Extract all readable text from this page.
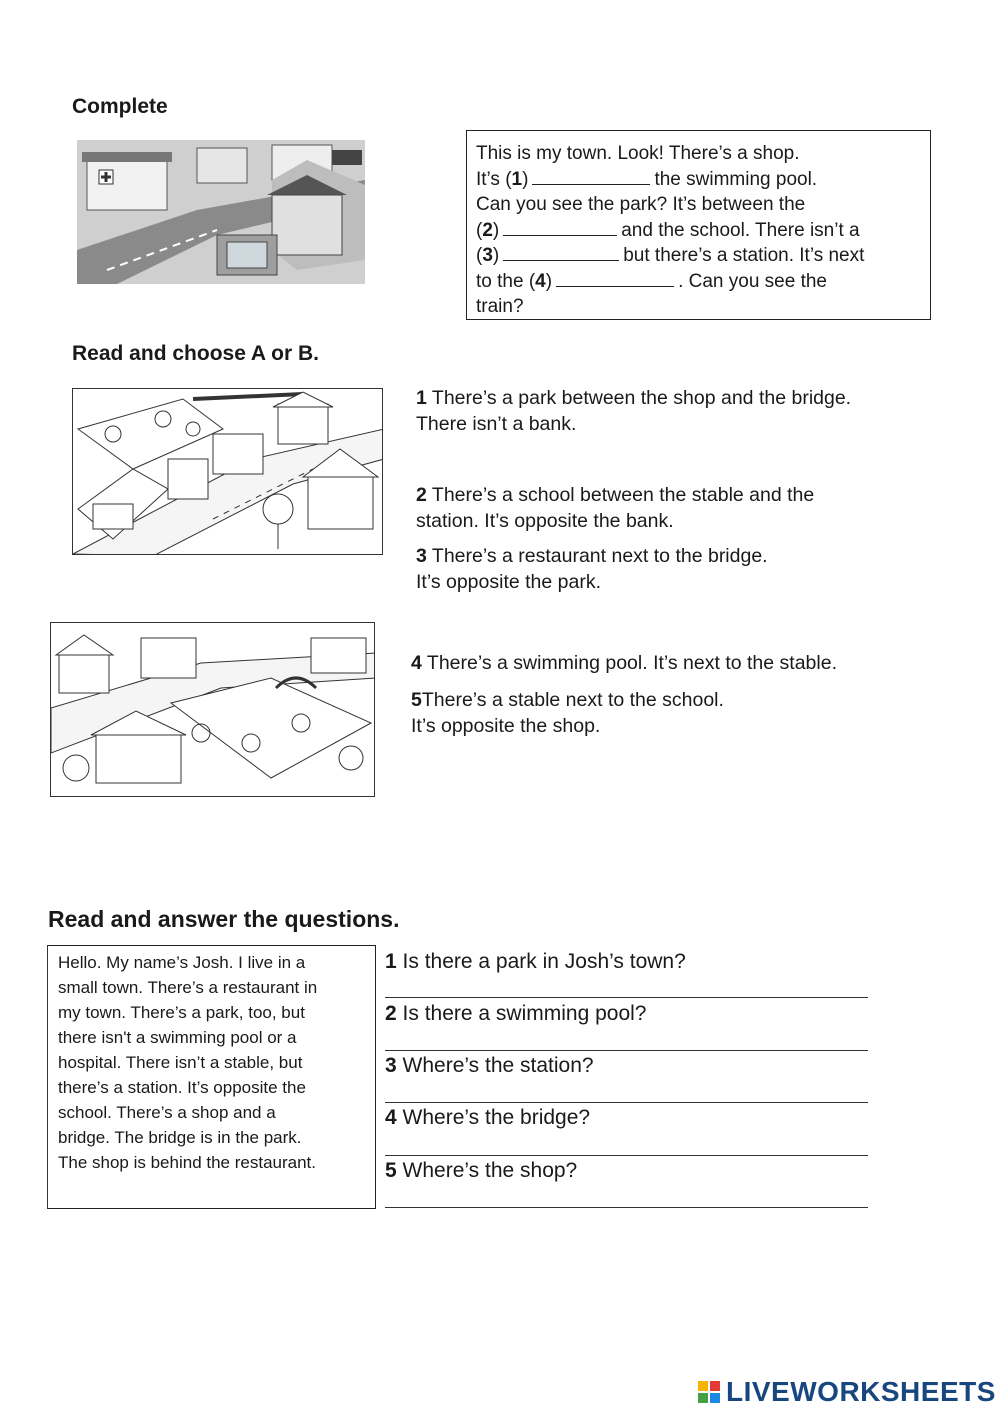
Complete
This is my town. Look! There’s a shop.
It’s (1)	the swimming pool.
Can you see the park? It’s between the
(2)	and the school. There isn’t a
(3)	but there’s a station. It’s next
to the (4)	. Can you see the
train?
Read and choose A or B.
1 There’s a park between the shop and the bridge.
There isn’t a bank.
2 There’s a school between the stable and the
station. It’s opposite the bank.
3 There’s a restaurant next to the bridge.
It’s opposite the park.
4 There’s a swimming pool. It’s next to the stable.
5There’s a stable next to the school.
It’s opposite the shop.
Read and answer the questions.
Hello. My name’s Josh. I live in a
small town. There’s a restaurant in
my town. There’s a park, too, but
there isn't a swimming pool or a
hospital. There isn’t a stable, but
there’s a station. It’s opposite the
school. There’s a shop and a
bridge. The bridge is in the park.
The shop is behind the restaurant.
1 Is there a park in Josh’s town?
2 Is there a swimming pool?
3 Where’s the station?
4 Where’s the bridge?
5 Where’s the shop?
LIVEWORKSHEETS
